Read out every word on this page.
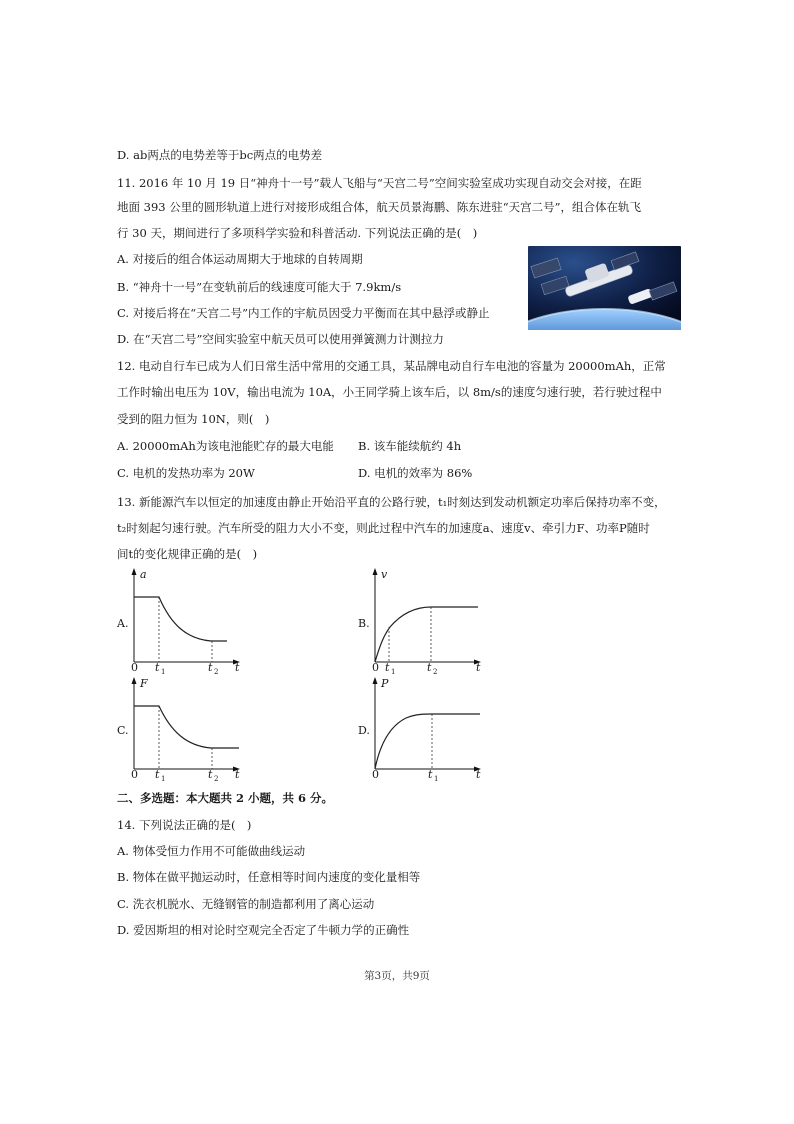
D. ab两点的电势差等于bc两点的电势差
11. 2016 年 10 月 19 日“神舟十一号”载人飞船与“天宫二号”空间实验室成功实现自动交会对接，在距
地面 393 公里的圆形轨道上进行对接形成组合体，航天员景海鹏、陈东进驻“天宫二号”，组合体在轨飞
行 30 天，期间进行了多项科学实验和科普活动. 下列说法正确的是(　)
A. 对接后的组合体运动周期大于地球的自转周期
B. “神舟十一号”在变轨前后的线速度可能大于 7.9km/s
C. 对接后将在“天宫二号”内工作的宇航员因受力平衡而在其中悬浮或静止
D. 在“天宫二号”空间实验室中航天员可以使用弹簧测力计测拉力
12. 电动自行车已成为人们日常生活中常用的交通工具，某品牌电动自行车电池的容量为 20000mAh，正常
工作时输出电压为 10V，输出电流为 10A，小王同学骑上该车后，以 8m/s的速度匀速行驶，若行驶过程中
受到的阻力恒为 10N，则(　)
A. 20000mAh为该电池能贮存的最大电能 B. 该车能续航约 4h
C. 电机的发热功率为 20W	D. 电机的效率为 86%
13. 新能源汽车以恒定的加速度由静止开始沿平直的公路行驶，t₁时刻达到发动机额定功率后保持功率不变，
t₂时刻起匀速行驶。汽车所受的阻力大小不变，则此过程中汽车的加速度a、速度v、牵引力F、功率P随时
间t的变化规律正确的是(　)
A.
a
t
0 t 1	t 2
B.
v
t
0 t 1	t 2
C.
F
t
0 t 1	t 2
D.
P
t
0	t 1
二、多选题：本大题共 2 小题，共 6 分。
14. 下列说法正确的是(　)
A. 物体受恒力作用不可能做曲线运动
B. 物体在做平抛运动时，任意相等时间内速度的变化量相等
C. 洗衣机脱水、无缝钢管的制造都利用了离心运动
D. 爱因斯坦的相对论时空观完全否定了牛顿力学的正确性
第3页，共9页
